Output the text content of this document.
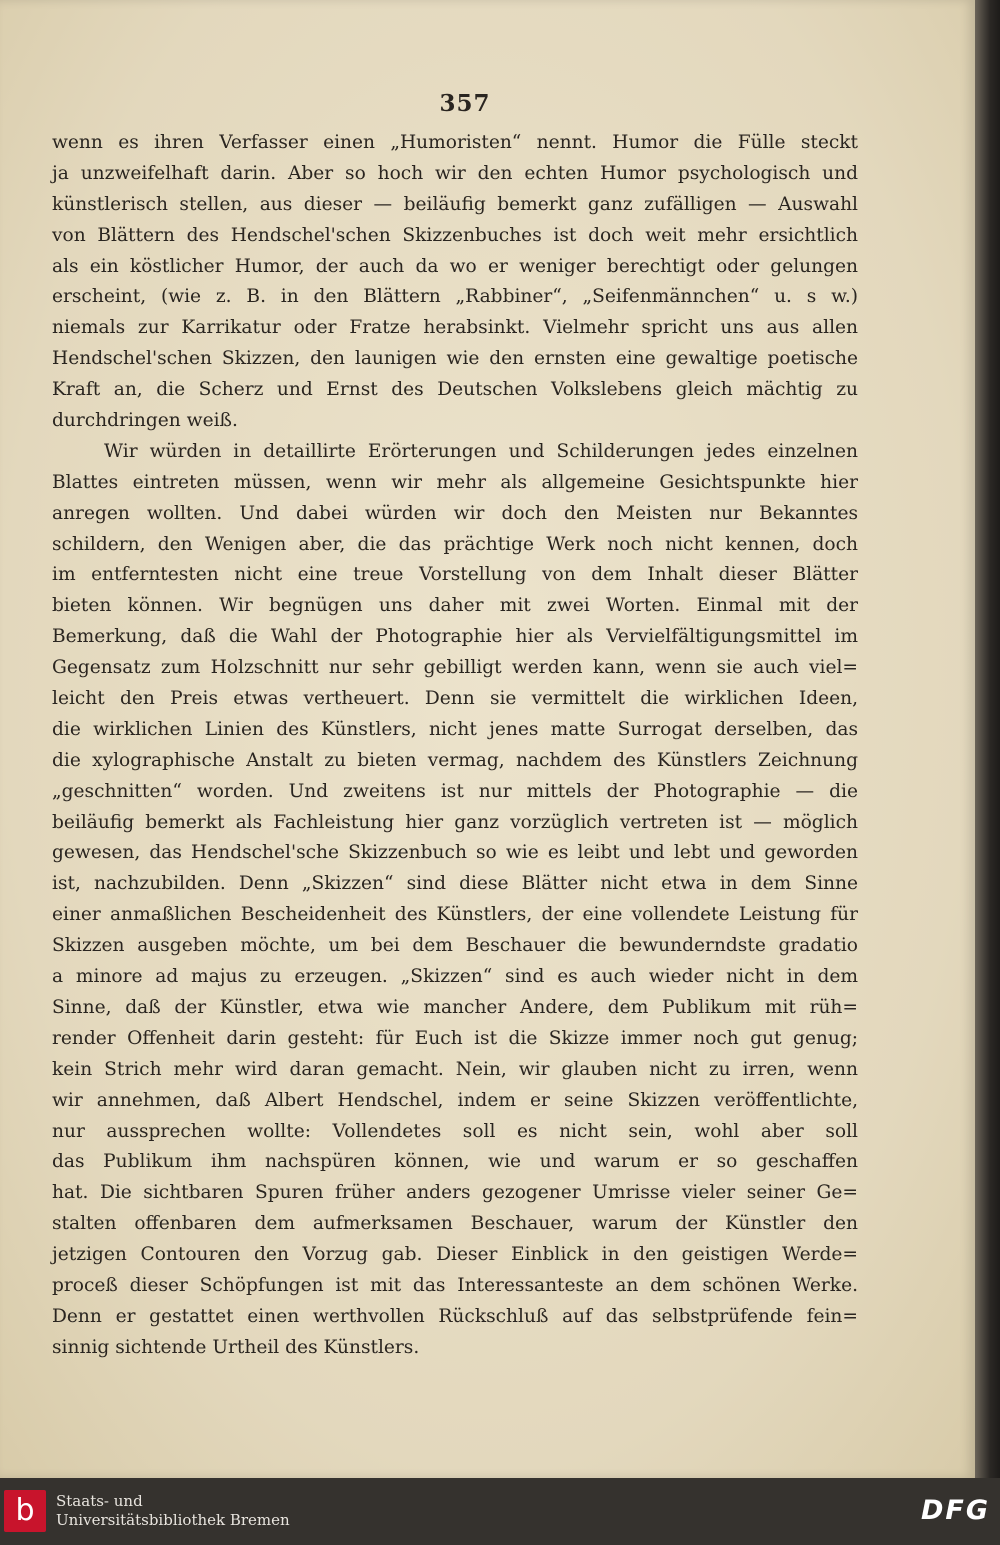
357
wenn es ihren Verfasser einen „Humoristen“ nennt. Humor die Fülle steckt
ja unzweifelhaft darin. Aber so hoch wir den echten Humor psychologisch und
künstlerisch stellen, aus dieser — beiläufig bemerkt ganz zufälligen — Auswahl
von Blättern des Hendschel'schen Skizzenbuches ist doch weit mehr ersichtlich
als ein köstlicher Humor, der auch da wo er weniger berechtigt oder gelungen
erscheint, (wie z. B. in den Blättern „Rabbiner“, „Seifenmännchen“ u. s w.)
niemals zur Karrikatur oder Fratze herabsinkt. Vielmehr spricht uns aus allen
Hendschel'schen Skizzen, den launigen wie den ernsten eine gewaltige poetische
Kraft an, die Scherz und Ernst des Deutschen Volkslebens gleich mächtig zu
durchdringen weiß.
Wir würden in detaillirte Erörterungen und Schilderungen jedes einzelnen
Blattes eintreten müssen, wenn wir mehr als allgemeine Gesichtspunkte hier
anregen wollten. Und dabei würden wir doch den Meisten nur Bekanntes
schildern, den Wenigen aber, die das prächtige Werk noch nicht kennen, doch
im entferntesten nicht eine treue Vorstellung von dem Inhalt dieser Blätter
bieten können. Wir begnügen uns daher mit zwei Worten. Einmal mit der
Bemerkung, daß die Wahl der Photographie hier als Vervielfältigungsmittel im
Gegensatz zum Holzschnitt nur sehr gebilligt werden kann, wenn sie auch viel=
leicht den Preis etwas vertheuert. Denn sie vermittelt die wirklichen Ideen,
die wirklichen Linien des Künstlers, nicht jenes matte Surrogat derselben, das
die xylographische Anstalt zu bieten vermag, nachdem des Künstlers Zeichnung
„geschnitten“ worden. Und zweitens ist nur mittels der Photographie — die
beiläufig bemerkt als Fachleistung hier ganz vorzüglich vertreten ist — möglich
gewesen, das Hendschel'sche Skizzenbuch so wie es leibt und lebt und geworden
ist, nachzubilden. Denn „Skizzen“ sind diese Blätter nicht etwa in dem Sinne
einer anmaßlichen Bescheidenheit des Künstlers, der eine vollendete Leistung für
Skizzen ausgeben möchte, um bei dem Beschauer die bewunderndste gradatio
a minore ad majus zu erzeugen. „Skizzen“ sind es auch wieder nicht in dem
Sinne, daß der Künstler, etwa wie mancher Andere, dem Publikum mit rüh=
render Offenheit darin gesteht: für Euch ist die Skizze immer noch gut genug;
kein Strich mehr wird daran gemacht. Nein, wir glauben nicht zu irren, wenn
wir annehmen, daß Albert Hendschel, indem er seine Skizzen veröffentlichte,
nur aussprechen wollte: Vollendetes soll es nicht sein, wohl aber soll
das Publikum ihm nachspüren können, wie und warum er so geschaffen
hat. Die sichtbaren Spuren früher anders gezogener Umrisse vieler seiner Ge=
stalten offenbaren dem aufmerksamen Beschauer, warum der Künstler den
jetzigen Contouren den Vorzug gab. Dieser Einblick in den geistigen Werde=
proceß dieser Schöpfungen ist mit das Interessanteste an dem schönen Werke.
Denn er gestattet einen werthvollen Rückschluß auf das selbstprüfende fein=
sinnig sichtende Urtheil des Künstlers.
b	Staats- und
Universitätsbibliothek Bremen	DFG
